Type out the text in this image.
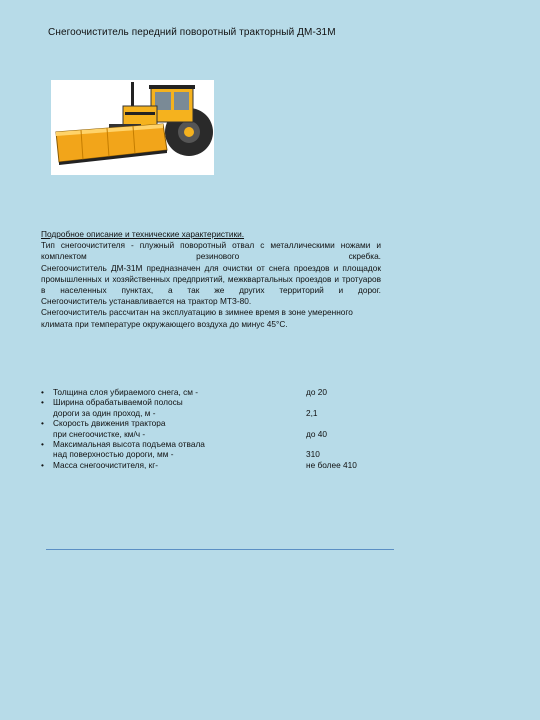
Снегоочиститель передний поворотный тракторный ДМ-31М

Подробное описание и технические характеристики.

Тип снегоочистителя - плужный поворотный отвал с металлическими ножами и комплектом резинового скребка.

Снегоочиститель ДМ-31М предназначен для очистки от снега проездов и площадок промышленных и хозяйственных предприятий, межквартальных проездов и тротуаров в населенных пунктах, а так же других территорий и дорог.

Снегоочиститель устанавливается на трактор МТЗ-80.

Снегоочиститель рассчитан на эксплуатацию в зимнее время в зоне умеренного климата при температуре окружающего воздуха до минус 45°С.

•	Толщина слоя убираемого снега, см -	до 20
•	Ширина обрабатываемой полосы
дороги за один проход, м -	2,1
•	Скорость движения трактора
при снегоочистке, км/ч -	до 40
•	Максимальная высота подъема отвала
над поверхностью дороги, мм -	310
•	Масса снегоочистителя, кг-	не более 410
